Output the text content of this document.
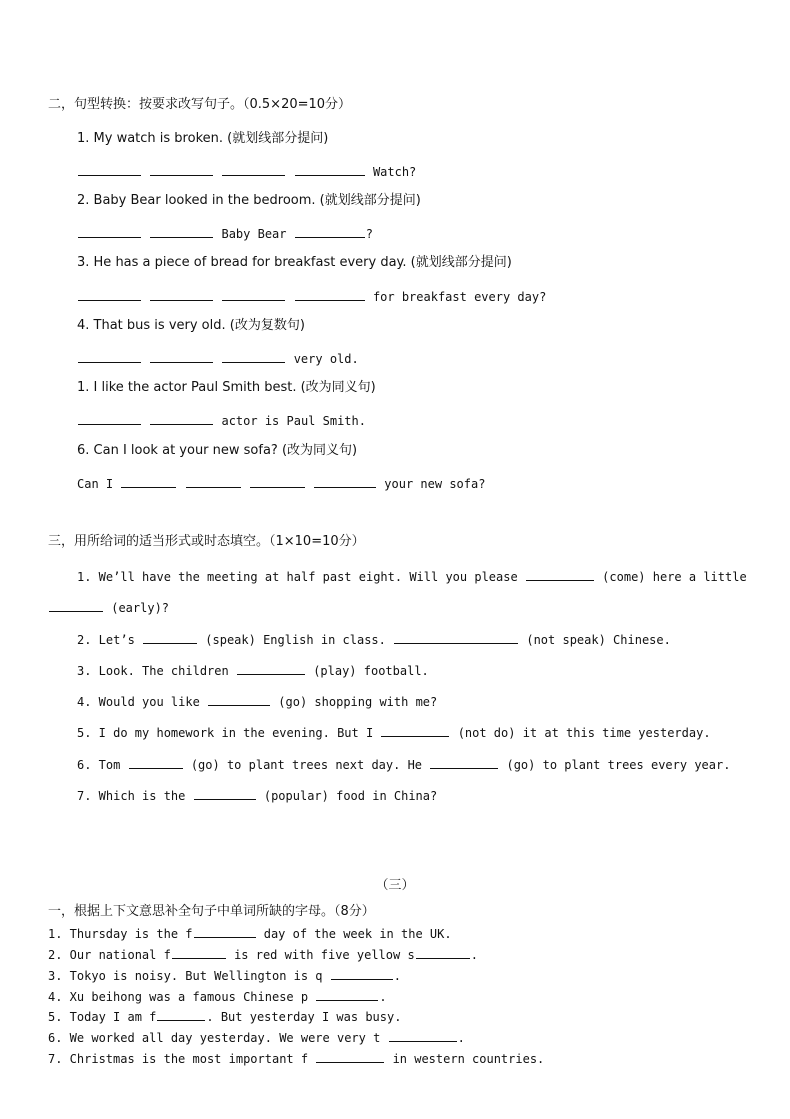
二，句型转换：按要求改写句子。（0.5×20=10分）
1. My watch is broken. (就划线部分提问)
Watch?
2. Baby Bear looked in the bedroom. (就划线部分提问)
Baby Bear	?
3. He has a piece of bread for breakfast every day. (就划线部分提问)
for breakfast every day?
4. That bus is very old. (改为复数句)
very old.
1. I like the actor Paul Smith best. (改为同义句)
actor is Paul Smith.
6. Can I look at your new sofa? (改为同义句)
Can I	your new sofa?
三，用所给词的适当形式或时态填空。（1×10=10分）
1. We’ll have the meeting at half past eight. Will you please	(come) here a little
(early)?
2. Let’s	(speak) English in class.	(not speak) Chinese.
3. Look. The children	(play) football.
4. Would you like	(go) shopping with me?
5. I do my homework in the evening. But I	(not do) it at this time yesterday.
6. Tom	(go) to plant trees next day. He	(go) to plant trees every year.
7. Which is the	(popular) food in China?
（三）
一，根据上下文意思补全句子中单词所缺的字母。（8分）
1. Thursday is the f	day of the week in the UK.
2. Our national f	is red with five yellow s	.
3. Tokyo is noisy. But Wellington is q	.
4. Xu beihong was a famous Chinese p	.
5. Today I am f	. But yesterday I was busy.
6. We worked all day yesterday. We were very t	.
7. Christmas is the most important f	in western countries.
